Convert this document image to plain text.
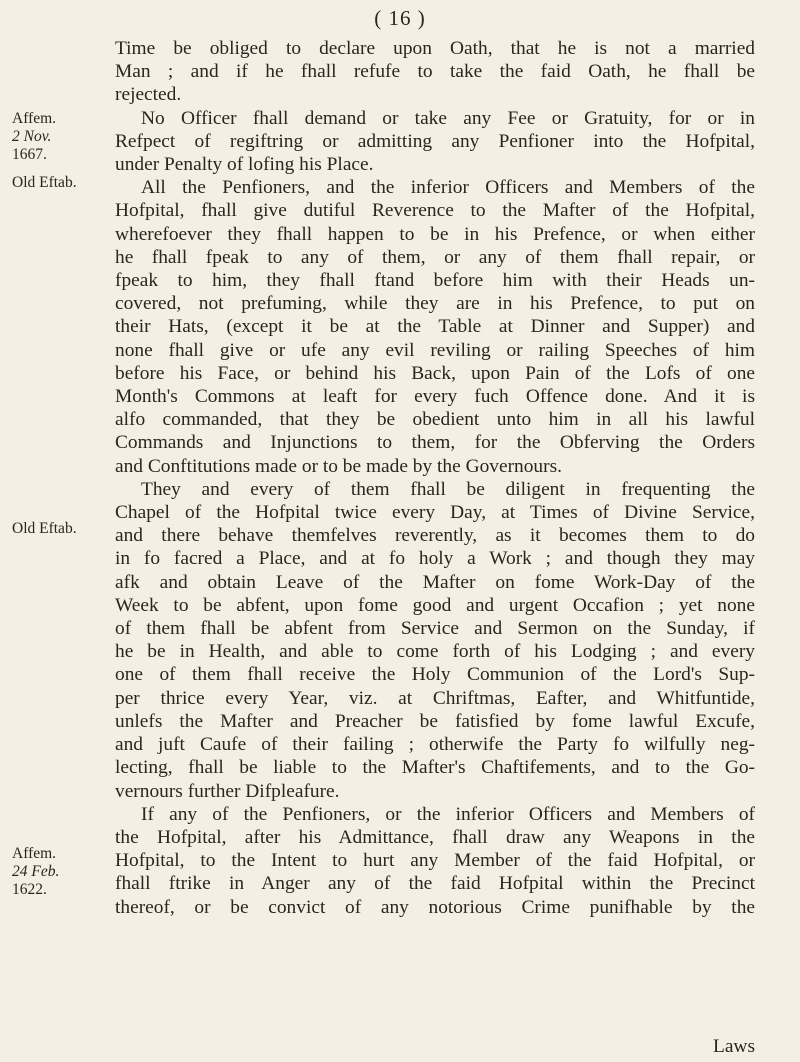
( 16 )
Affem.
2 Nov.
1667.
Old Eftab.
Old Eftab.
Affem.
24 Feb.
1622.
Time be obliged to declare upon Oath, that he is not a married
Man ; and if he fhall refufe to take the faid Oath, he fhall be
rejected.
No Officer fhall demand or take any Fee or Gratuity, for or in
Refpect of regiftring or admitting any Penfioner into the Hofpital,
under Penalty of lofing his Place.
All the Penfioners, and the inferior Officers and Members of the
Hofpital, fhall give dutiful Reverence to the Mafter of the Hofpital,
wherefoever they fhall happen to be in his Prefence, or when either
he fhall fpeak to any of them, or any of them fhall repair, or
fpeak to him, they fhall ftand before him with their Heads un-
covered, not prefuming, while they are in his Prefence, to put on
their Hats, (except it be at the Table at Dinner and Supper) and
none fhall give or ufe any evil reviling or railing Speeches of him
before his Face, or behind his Back, upon Pain of the Lofs of one
Month's Commons at leaft for every fuch Offence done. And it is
alfo commanded, that they be obedient unto him in all his lawful
Commands and Injunctions to them, for the Obferving the Orders
and Conftitutions made or to be made by the Governours.
They and every of them fhall be diligent in frequenting the
Chapel of the Hofpital twice every Day, at Times of Divine Service,
and there behave themfelves reverently, as it becomes them to do
in fo facred a Place, and at fo holy a Work ; and though they may
afk and obtain Leave of the Mafter on fome Work-Day of the
Week to be abfent, upon fome good and urgent Occafion ; yet none
of them fhall be abfent from Service and Sermon on the Sunday, if
he be in Health, and able to come forth of his Lodging ; and every
one of them fhall receive the Holy Communion of the Lord's Sup-
per thrice every Year, viz. at Chriftmas, Eafter, and Whitfuntide,
unlefs the Mafter and Preacher be fatisfied by fome lawful Excufe,
and juft Caufe of their failing ; otherwife the Party fo wilfully neg-
lecting, fhall be liable to the Mafter's Chaftifements, and to the Go-
vernours further Difpleafure.
If any of the Penfioners, or the inferior Officers and Members of
the Hofpital, after his Admittance, fhall draw any Weapons in the
Hofpital, to the Intent to hurt any Member of the faid Hofpital, or
fhall ftrike in Anger any of the faid Hofpital within the Precinct
thereof, or be convict of any notorious Crime punifhable by the
Laws
